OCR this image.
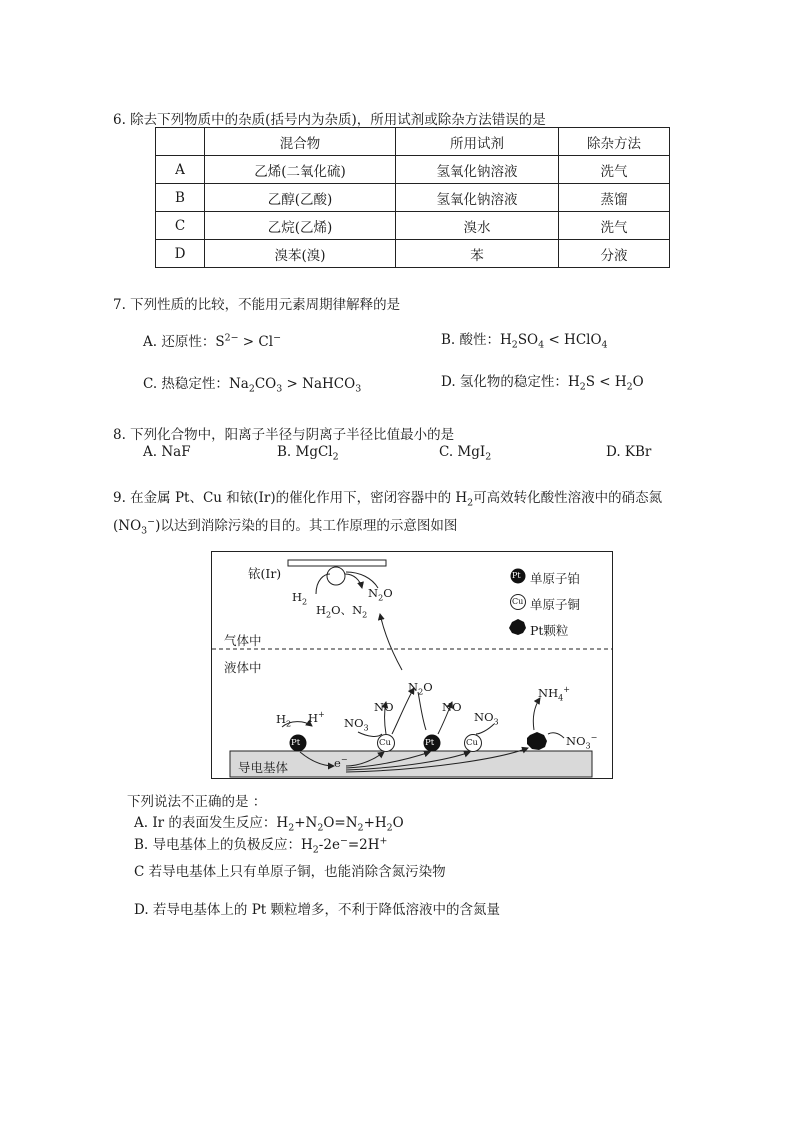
6. 除去下列物质中的杂质(括号内为杂质)，所用试剂或除杂方法错误的是
	混合物	所用试剂	除杂方法
A	乙烯(二氧化硫)	氢氧化钠溶液	洗气
B	乙醇(乙酸)	氢氧化钠溶液	蒸馏
C	乙烷(乙烯)	溴水	洗气
D	溴苯(溴)	苯	分液
7. 下列性质的比较，不能用元素周期律解释的是
A. 还原性：$S^{2-} > Cl^-$	B. 酸性：$H_2SO_4$ < HClO$_4$
C. 热稳定性：$Na_2CO_3$ > NaHCO$_3$	D. 氢化物的稳定性：$H_2S < H_2O$
8. 下列化合物中，阳离子半径与阴离子半径比值最小的是
A. NaF	B. MgCl$_2$	C. MgI$_2$	D. KBr
9. 在金属 Pt、Cu 和铱(Ir)的催化作用下，密闭容器中的 $H_2$可高效转化酸性溶液中的硝态氮
$(NO_3^-)$以达到消除污染的目的。其工作原理的示意图如图
铱(Ir)
$H_2$
$H_2O$、$N_2$
$N_2O$
Pt
Cu
单原子铂
单原子铜
Pt颗粒
气体中
液体中
$N_2O$
$H_2$ H+
$NO_3$
NO	NO
$NO_3$
$NH_4^+$
$NO_3^-$
Pt	Cu	Pt	Cu
导电基体	e−
下列说法不正确的是 ：
A. Ir 的表面发生反应：$H_2+N_2O=N_2+H_2O$
B. 导电基体上的负极反应：$H_2-2e^-=2H^+$
C 若导电基体上只有单原子铜，也能消除含氮污染物
D. 若导电基体上的 Pt 颗粒增多，不利于降低溶液中的含氮量
